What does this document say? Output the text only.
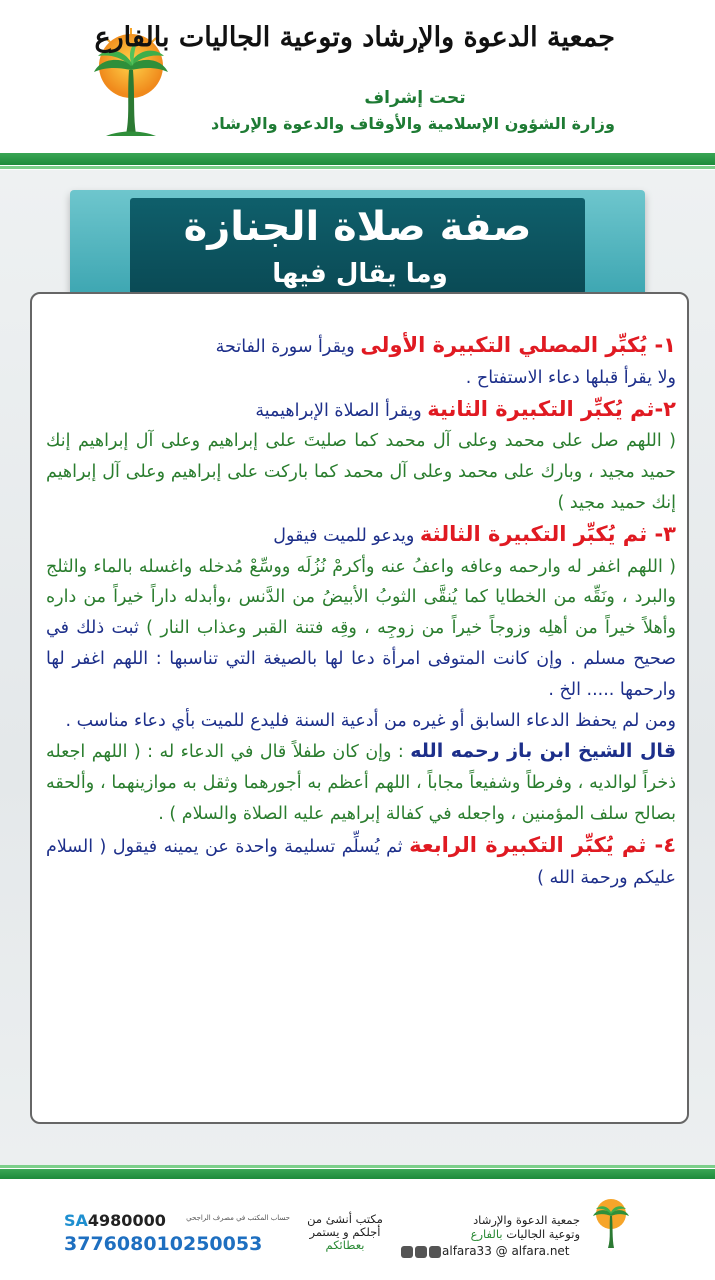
جمعية الدعوة والإرشاد وتوعية الجاليات بالفارع
تحت إشراف
وزارة الشؤون الإسلامية والأوقاف والدعوة والإرشاد
صفة صلاة الجنازة
وما يقال فيها

١- يُكبِّر المصلي التكبيرة الأولى ويقرأ سورة الفاتحة

ولا يقرأ قبلها دعاء الاستفتاح .

٢-ثم يُكبِّر التكبيرة الثانية ويقرأ الصلاة الإبراهيمية

( اللهم صل على محمد وعلى آل محمد كما صليتَ على إبراهيم وعلى آل إبراهيم إنك حميد مجيد ، وبارك على محمد وعلى آل محمد كما باركت على إبراهيم وعلى آل إبراهيم إنك حميد مجيد )

٣- ثم يُكبِّر التكبيرة الثالثة ويدعو للميت فيقول

( اللهم اغفر له وارحمه وعافه واعفُ عنه وأكرمْ نُزُلَه ووسِّعْ مُدخله واغسله بالماء والثلج والبرد ، ونَقِّه من الخطايا كما يُنقَّى الثوبُ الأبيضُ من الدَّنس ،وأبدله داراً خيراً من داره وأهلاً خيراً من أهلِه وزوجاً خيراً من زوجِه ، وقِه فتنة القبر وعذاب النار ) ثبت ذلك في صحيح مسلم . وإن كانت المتوفى امرأة دعا لها بالصيغة التي تناسبها : اللهم اغفر لها وارحمها ..... الخ .

ومن لم يحفظ الدعاء السابق أو غيره من أدعية السنة فليدع للميت بأي دعاء مناسب .

قال الشيخ ابن باز رحمه الله : وإن كان طفلاً قال في الدعاء له : ( اللهم اجعله ذخراً لوالديه ، وفرطاً وشفيعاً مجاباً ، اللهم أعظم به أجورهما وثقل به موازينهما ، وألحقه بصالح سلف المؤمنين ، واجعله في كفالة إبراهيم عليه الصلاة والسلام ) .

٤- ثم يُكبِّر التكبيرة الرابعة ثم يُسلِّم تسليمة واحدة عن يمينه فيقول ( السلام عليكم ورحمة الله )

جمعية الدعوة والإرشاد
وتوعية الجاليات بالفارع
alfara33 @ alfara.net
مكتب أنشئ من
أجلكم و يستمر
بعطائكم
حساب المكتب في مصرف الراجحي
SA4980000
377608010250053
